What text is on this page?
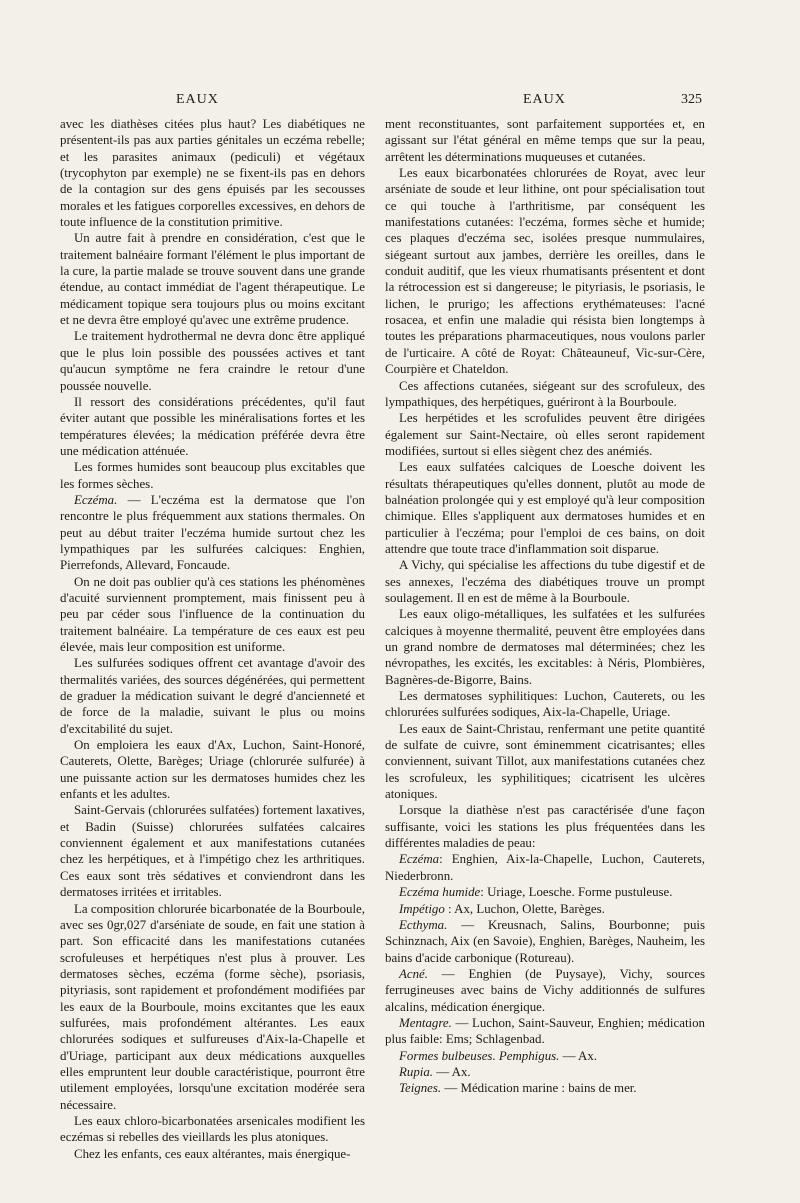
EAUX	EAUX	325

avec les diathèses citées plus haut? Les diabétiques ne présentent-ils pas aux parties génitales un eczéma rebelle; et les parasites animaux (pediculi) et végétaux (trycophyton par exemple) ne se fixent-ils pas en dehors de la contagion sur des gens épuisés par les secousses morales et les fatigues corporelles excessives, en dehors de toute influence de la constitution primitive.

Un autre fait à prendre en considération, c'est que le traitement balnéaire formant l'élément le plus important de la cure, la partie malade se trouve souvent dans une grande étendue, au contact immédiat de l'agent thérapeutique. Le médicament topique sera toujours plus ou moins excitant et ne devra être employé qu'avec une extrême prudence.

Le traitement hydrothermal ne devra donc être appliqué que le plus loin possible des poussées actives et tant qu'aucun symptôme ne fera craindre le retour d'une poussée nouvelle.

Il ressort des considérations précédentes, qu'il faut éviter autant que possible les minéralisations fortes et les températures élevées; la médication préférée devra être une médication atténuée.

Les formes humides sont beaucoup plus excitables que les formes sèches.

Eczéma. — L'eczéma est la dermatose que l'on rencontre le plus fréquemment aux stations thermales. On peut au début traiter l'eczéma humide surtout chez les lympathiques par les sulfurées calciques: Enghien, Pierrefonds, Allevard, Foncaude.

On ne doit pas oublier qu'à ces stations les phénomènes d'acuité surviennent promptement, mais finissent peu à peu par céder sous l'influence de la continuation du traitement balnéaire. La température de ces eaux est peu élevée, mais leur composition est uniforme.

Les sulfurées sodiques offrent cet avantage d'avoir des thermalités variées, des sources dégénérées, qui permettent de graduer la médication suivant le degré d'ancienneté et de force de la maladie, suivant le plus ou moins d'excitabilité du sujet.

On emploiera les eaux d'Ax, Luchon, Saint-Honoré, Cauterets, Olette, Barèges; Uriage (chlorurée sulfurée) à une puissante action sur les dermatoses humides chez les enfants et les adultes.

Saint-Gervais (chlorurées sulfatées) fortement laxatives, et Badin (Suisse) chlorurées sulfatées calcaires conviennent également et aux manifestations cutanées chez les herpétiques, et à l'impétigo chez les arthritiques. Ces eaux sont très sédatives et conviendront dans les dermatoses irritées et irritables.

La composition chlorurée bicarbonatée de la Bourboule, avec ses 0gr,027 d'arséniate de soude, en fait une station à part. Son efficacité dans les manifestations cutanées scrofuleuses et herpétiques n'est plus à prouver. Les dermatoses sèches, eczéma (forme sèche), psoriasis, pityriasis, sont rapidement et profondément modifiées par les eaux de la Bourboule, moins excitantes que les eaux sulfurées, mais profondément altérantes. Les eaux chlorurées sodiques et sulfureuses d'Aix-la-Chapelle et d'Uriage, participant aux deux médications auxquelles elles empruntent leur double caractéristique, pourront être utilement employées, lorsqu'une excitation modérée sera nécessaire.

Les eaux chloro-bicarbonatées arsenicales modifient les eczémas si rebelles des vieillards les plus atoniques.

Chez les enfants, ces eaux altérantes, mais énergique-

ment reconstituantes, sont parfaitement supportées et, en agissant sur l'état général en même temps que sur la peau, arrêtent les déterminations muqueuses et cutanées.

Les eaux bicarbonatées chlorurées de Royat, avec leur arséniate de soude et leur lithine, ont pour spécialisation tout ce qui touche à l'arthritisme, par conséquent les manifestations cutanées: l'eczéma, formes sèche et humide; ces plaques d'eczéma sec, isolées presque nummulaires, siégeant surtout aux jambes, derrière les oreilles, dans le conduit auditif, que les vieux rhumatisants présentent et dont la rétrocession est si dangereuse; le pityriasis, le psoriasis, le lichen, le prurigo; les affections erythémateuses: l'acné rosacea, et enfin une maladie qui résista bien longtemps à toutes les préparations pharmaceutiques, nous voulons parler de l'urticaire. A côté de Royat: Châteauneuf, Vic-sur-Cère, Courpière et Chateldon.

Ces affections cutanées, siégeant sur des scrofuleux, des lympathiques, des herpétiques, guériront à la Bourboule.

Les herpétides et les scrofulides peuvent être dirigées également sur Saint-Nectaire, où elles seront rapidement modifiées, surtout si elles siègent chez des anémiés.

Les eaux sulfatées calciques de Loesche doivent les résultats thérapeutiques qu'elles donnent, plutôt au mode de balnéation prolongée qui y est employé qu'à leur composition chimique. Elles s'appliquent aux dermatoses humides et en particulier à l'eczéma; pour l'emploi de ces bains, on doit attendre que toute trace d'inflammation soit disparue.

A Vichy, qui spécialise les affections du tube digestif et de ses annexes, l'eczéma des diabétiques trouve un prompt soulagement. Il en est de même à la Bourboule.

Les eaux oligo-métalliques, les sulfatées et les sulfurées calciques à moyenne thermalité, peuvent être employées dans un grand nombre de dermatoses mal déterminées; chez les névropathes, les excités, les excitables: à Néris, Plombières, Bagnères-de-Bigorre, Bains.

Les dermatoses syphilitiques: Luchon, Cauterets, ou les chlorurées sulfurées sodiques, Aix-la-Chapelle, Uriage.

Les eaux de Saint-Christau, renfermant une petite quantité de sulfate de cuivre, sont éminemment cicatrisantes; elles conviennent, suivant Tillot, aux manifestations cutanées chez les scrofuleux, les syphilitiques; cicatrisent les ulcères atoniques.

Lorsque la diathèse n'est pas caractérisée d'une façon suffisante, voici les stations les plus fréquentées dans les différentes maladies de peau:

Eczéma: Enghien, Aix-la-Chapelle, Luchon, Cauterets, Niederbronn.

Eczéma humide: Uriage, Loesche. Forme pustuleuse.

Impétigo : Ax, Luchon, Olette, Barèges.

Ecthyma. — Kreusnach, Salins, Bourbonne; puis Schinznach, Aix (en Savoie), Enghien, Barèges, Nauheim, les bains d'acide carbonique (Rotureau).

Acné. — Enghien (de Puysaye), Vichy, sources ferrugineuses avec bains de Vichy additionnés de sulfures alcalins, médication énergique.

Mentagre. — Luchon, Saint-Sauveur, Enghien; médication plus faible: Ems; Schlagenbad.

Formes bulbeuses. Pemphigus. — Ax.

Rupia. — Ax.

Teignes. — Médication marine : bains de mer.
